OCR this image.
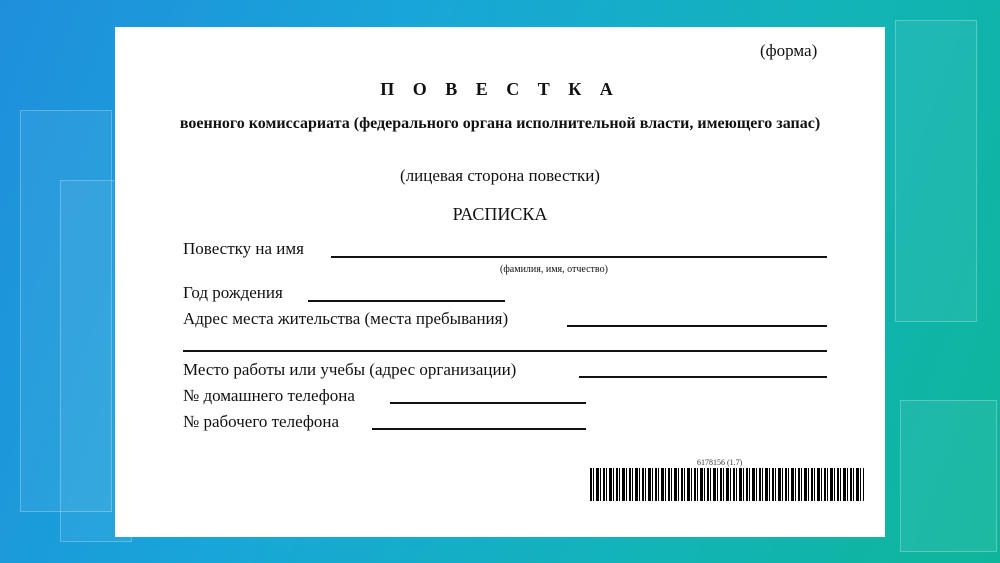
(форма)
П О В Е С Т К А
военного комиссариата (федерального органа исполнительной власти, имеющего запас)
(лицевая сторона повестки)
РАСПИСКА
Повестку на имя
(фамилия, имя, отчество)
Год рождения
Адрес места жительства (места пребывания)
Место работы или учебы (адрес организации)
№ домашнего телефона
№ рабочего телефона
6178156 (1.7)
